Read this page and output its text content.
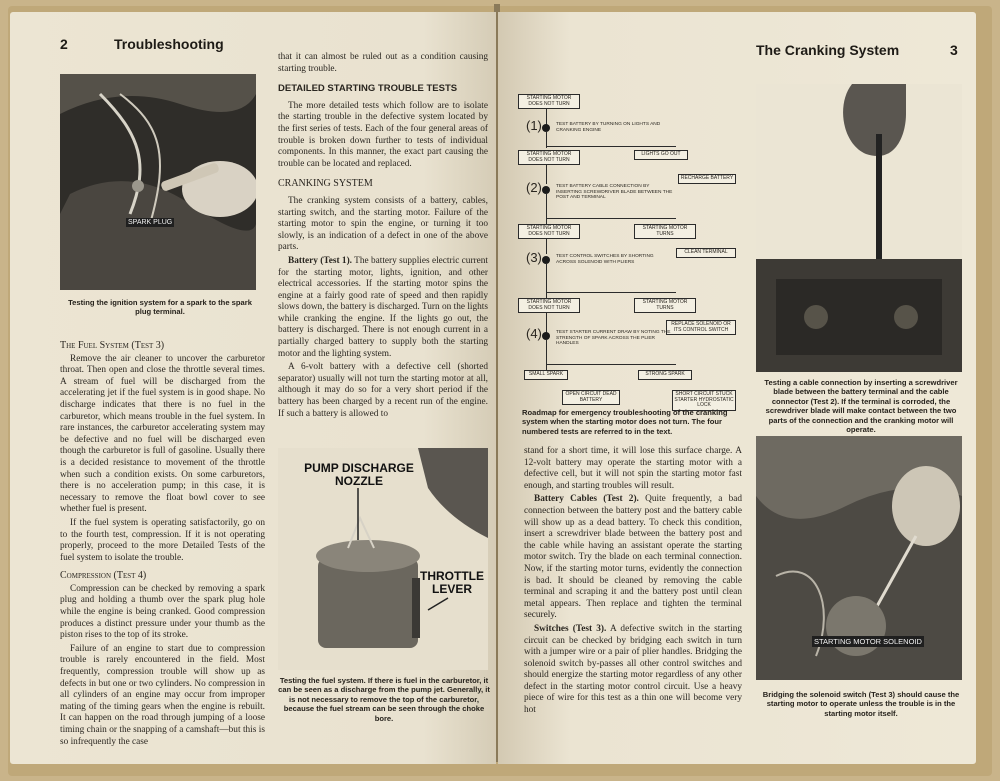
2	Troubleshooting
SPARK PLUG
Testing the ignition system for a spark to the spark plug terminal.
The Fuel System (Test 3)

Remove the air cleaner to uncover the carburetor throat. Then open and close the throttle several times. A stream of fuel will be discharged from the accelerating jet if the fuel system is in good shape. No discharge indicates that there is no fuel in the carburetor, which means trouble in the fuel system. In rare instances, the carburetor accelerating system may be defective and no fuel will be discharged even though the carburetor is full of gasoline. Usually there is a decided resistance to movement of the throttle when such a condition exists. On some carburetors, there is no acceleration pump; in this case, it is necessary to remove the float bowl cover to see whether fuel is present.

If the fuel system is operating satisfactorily, go on to the fourth test, compression. If it is not operating properly, proceed to the more Detailed Tests of the fuel system to isolate the trouble.

Compression (Test 4)

Compression can be checked by removing a spark plug and holding a thumb over the spark plug hole while the engine is being cranked. Good compression produces a distinct pressure under your thumb as the piston rises to the top of its stroke.

Failure of an engine to start due to compression trouble is rarely encountered in the field. Most frequently, compression trouble will show up as defects in but one or two cylinders. No compression in all cylinders of an engine may occur from improper mating of the timing gears when the engine is rebuilt. It can happen on the road through jumping of a loose timing chain or the snapping of a camshaft—but this is so infrequently the case

that it can almost be ruled out as a condition causing starting trouble.

DETAILED STARTING TROUBLE TESTS

The more detailed tests which follow are to isolate the starting trouble in the defective system located by the first series of tests. Each of the four general areas of trouble is broken down further to tests of individual components. In this manner, the exact part causing the trouble can be located and replaced.

CRANKING SYSTEM

The cranking system consists of a battery, cables, starting switch, and the starting motor. Failure of the starting motor to spin the engine, or turning it too slowly, is an indication of a defect in one of the above parts.

Battery (Test 1). The battery supplies electric current for the starting motor, lights, ignition, and other electrical accessories. If the starting motor spins the engine at a fairly good rate of speed and then rapidly slows down, the battery is discharged. Turn on the lights while cranking the engine. If the lights go out, the battery is discharged. There is not enough current in a partially charged battery to supply both the starting motor and the lighting system.

A 6-volt battery with a defective cell (shorted separator) usually will not turn the starting motor at all, although it may do so for a very short period if the battery has been charged by a recent run of the engine. If such a battery is allowed to

PUMP DISCHARGE NOZZLE
THROTTLE LEVER
Testing the fuel system. If there is fuel in the carburetor, it can be seen as a discharge from the pump jet. Generally, it is not necessary to remove the top of the carburetor, because the fuel stream can be seen through the choke bore.
The Cranking System	3
STARTING MOTOR DOES NOT TURN
(1)	TEST BATTERY BY TURNING ON LIGHTS AND CRANKING ENGINE
STARTING MOTOR DOES NOT TURN
LIGHTS GO OUT
RECHARGE BATTERY
(2)	TEST BATTERY CABLE CONNECTION BY INSERTING SCREWDRIVER BLADE BETWEEN THE POST AND TERMINAL
STARTING MOTOR DOES NOT TURN
STARTING MOTOR TURNS
CLEAN TERMINAL
(3)	TEST CONTROL SWITCHES BY SHORTING ACROSS SOLENOID WITH PLIERS
STARTING MOTOR DOES NOT TURN
STARTING MOTOR TURNS
REPLACE SOLENOID OR ITS CONTROL SWITCH
(4)	TEST STARTER CURRENT DRAW BY NOTING THE STRENGTH OF SPARK ACROSS THE PLIER HANDLES
SMALL SPARK	STRONG SPARK
OPEN CIRCUIT DEAD BATTERY
SHORT CIRCUIT STUCK STARTER HYDROSTATIC LOCK
Roadmap for emergency troubleshooting of the cranking system when the starting motor does not turn. The four numbered tests are referred to in the text.
Testing a cable connection by inserting a screwdriver blade between the battery terminal and the cable connector (Test 2). If the terminal is corroded, the screwdriver blade will make contact between the two parts of the connection and the cranking motor will operate.

stand for a short time, it will lose this surface charge. A 12-volt battery may operate the starting motor with a defective cell, but it will not spin the starting motor fast enough, and starting troubles will result.

Battery Cables (Test 2). Quite frequently, a bad connection between the battery post and the battery cable will show up as a dead battery. To check this condition, insert a screwdriver blade between the battery post and the cable while having an assistant operate the starting motor switch. Try the blade on each terminal connection. Now, if the starting motor turns, evidently the connection is bad. It should be cleaned by removing the cable terminal and scraping it and the battery post until clean metal appears. Then replace and tighten the terminal securely.

Switches (Test 3). A defective switch in the starting circuit can be checked by bridging each switch in turn with a jumper wire or a pair of plier handles. Bridging the solenoid switch by-passes all other control switches and should energize the starting motor regardless of any other defect in the starting motor control circuit. Use a heavy piece of wire for this test as a thin one will become very hot

STARTING MOTOR SOLENOID
Bridging the solenoid switch (Test 3) should cause the starting motor to operate unless the trouble is in the starting motor itself.
